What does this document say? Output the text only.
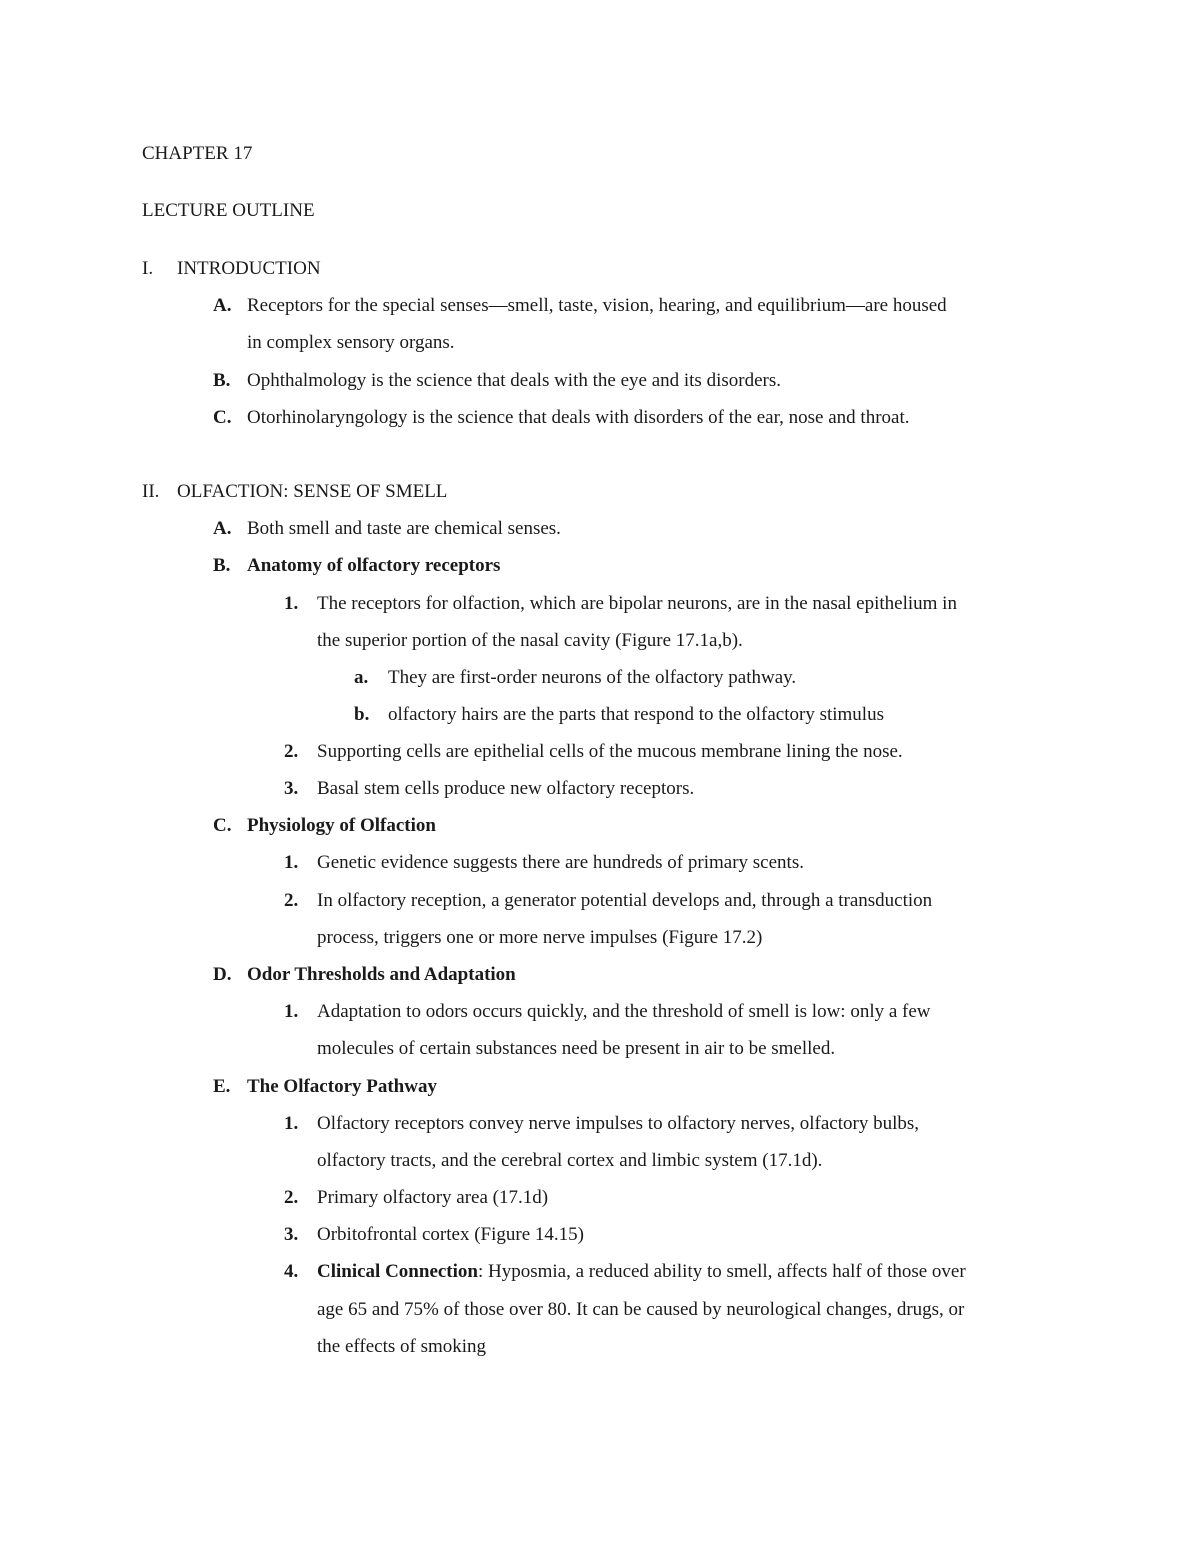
CHAPTER 17
LECTURE OUTLINE
I. INTRODUCTION
A. Receptors for the special senses—smell, taste, vision, hearing, and equilibrium—are housed
in complex sensory organs.
B. Ophthalmology is the science that deals with the eye and its disorders.
C. Otorhinolaryngology is the science that deals with disorders of the ear, nose and throat.
II. OLFACTION: SENSE OF SMELL
A. Both smell and taste are chemical senses.
B. Anatomy of olfactory receptors
1. The receptors for olfaction, which are bipolar neurons, are in the nasal epithelium in
the superior portion of the nasal cavity (Figure 17.1a,b).
a. They are first-order neurons of the olfactory pathway.
b. olfactory hairs are the parts that respond to the olfactory stimulus
2. Supporting cells are epithelial cells of the mucous membrane lining the nose.
3. Basal stem cells produce new olfactory receptors.
C. Physiology of Olfaction
1. Genetic evidence suggests there are hundreds of primary scents.
2. In olfactory reception, a generator potential develops and, through a transduction
process, triggers one or more nerve impulses (Figure 17.2)
D. Odor Thresholds and Adaptation
1. Adaptation to odors occurs quickly, and the threshold of smell is low: only a few
molecules of certain substances need be present in air to be smelled.
E. The Olfactory Pathway
1. Olfactory receptors convey nerve impulses to olfactory nerves, olfactory bulbs,
olfactory tracts, and the cerebral cortex and limbic system (17.1d).
2. Primary olfactory area (17.1d)
3. Orbitofrontal cortex (Figure 14.15)
4. Clinical Connection: Hyposmia, a reduced ability to smell, affects half of those over
age 65 and 75% of those over 80. It can be caused by neurological changes, drugs, or
the effects of smoking
